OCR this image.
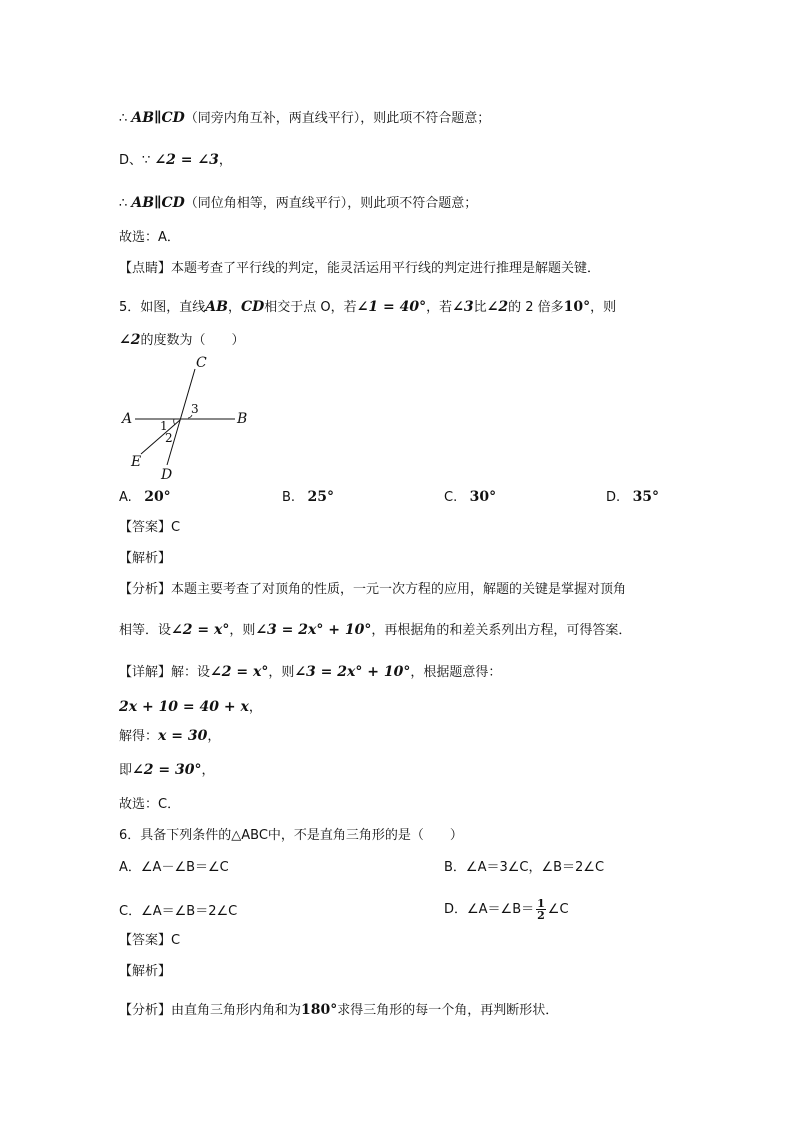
∴ AB∥CD（同旁内角互补，两直线平行），则此项不符合题意；
D、∵ ∠2 = ∠3，
∴ AB∥CD（同位角相等，两直线平行），则此项不符合题意；
故选：A．
【点睛】本题考查了平行线的判定，能灵活运用平行线的判定进行推理是解题关键．
5．如图，直线AB，CD相交于点 O，若∠1 = 40°，若∠3比∠2的 2 倍多10°，则
∠2的度数为（　　）
C
A	B
E
D
1
2
3
A. 20°	B. 25°	C. 30°	D. 35°
【答案】C
【解析】
【分析】本题主要考查了对顶角的性质，一元一次方程的应用，解题的关键是掌握对顶角
相等．设∠2 = x°，则∠3 = 2x° + 10°，再根据角的和差关系列出方程，可得答案．
【详解】解：设∠2 = x°，则∠3 = 2x° + 10°，根据题意得：
2x + 10 = 40 + x，
解得：x = 30，
即∠2 = 30°，
故选：C．
6．具备下列条件的△ABC中，不是直角三角形的是（　　）
A．∠A－∠B＝∠C	B．∠A＝3∠C，∠B＝2∠C
C．∠A＝∠B＝2∠C	D．∠A＝∠B＝ $\frac{1}{2}$ ∠C
【答案】C
【解析】
【分析】由直角三角形内角和为180°求得三角形的每一个角，再判断形状．
